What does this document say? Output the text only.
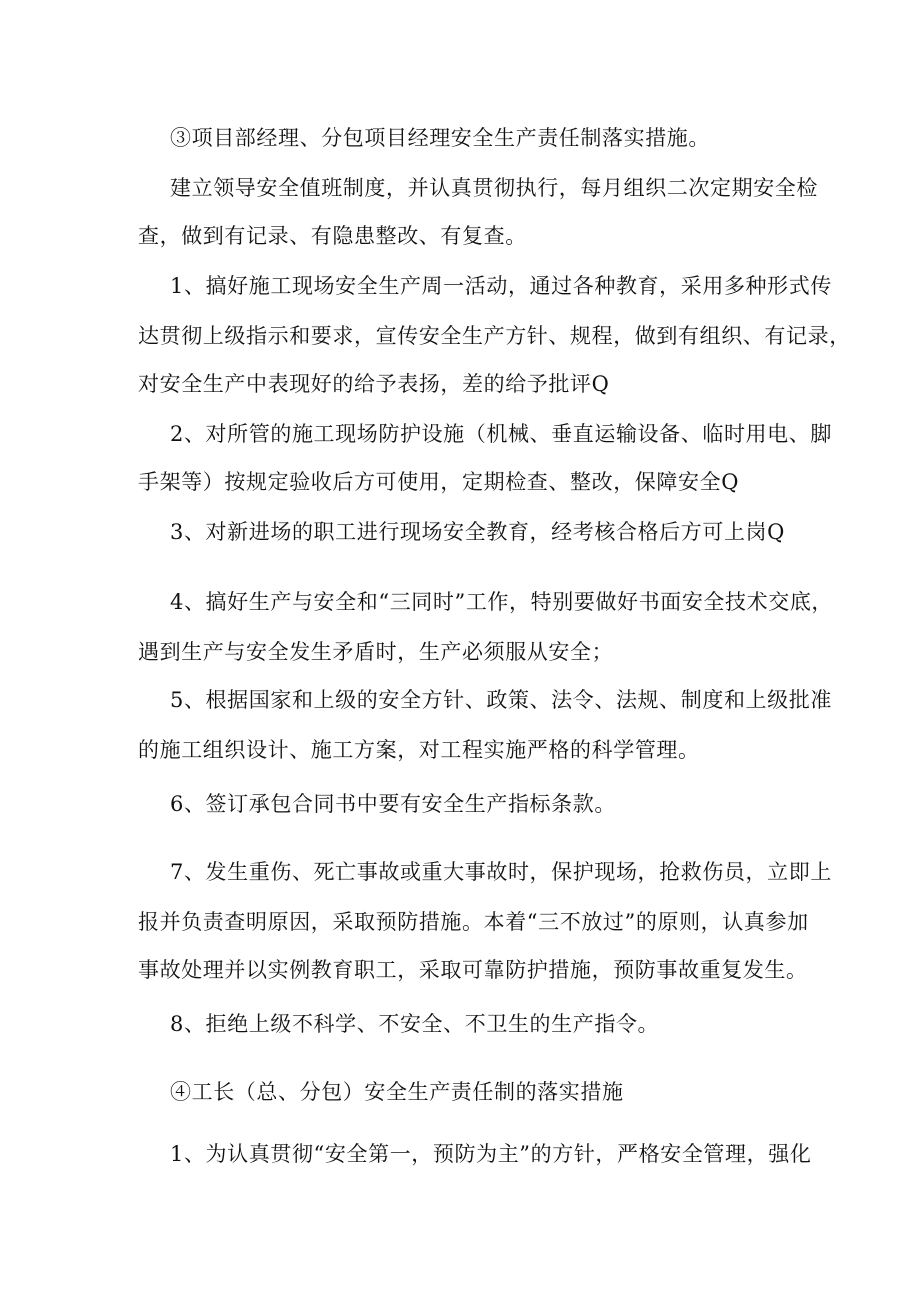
③项目部经理、分包项目经理安全生产责任制落实措施。
建立领导安全值班制度，并认真贯彻执行，每月组织二次定期安全检
查，做到有记录、有隐患整改、有复查。
1、搞好施工现场安全生产周一活动，通过各种教育，采用多种形式传
达贯彻上级指示和要求，宣传安全生产方针、规程，做到有组织、有记录，
对安全生产中表现好的给予表扬，差的给予批评Q
2、对所管的施工现场防护设施（机械、垂直运输设备、临时用电、脚
手架等）按规定验收后方可使用，定期检查、整改，保障安全Q
3、对新进场的职工进行现场安全教育，经考核合格后方可上岗Q
4、搞好生产与安全和“三同时”工作，特别要做好书面安全技术交底，
遇到生产与安全发生矛盾时，生产必须服从安全；
5、根据国家和上级的安全方针、政策、法令、法规、制度和上级批准
的施工组织设计、施工方案，对工程实施严格的科学管理。
6、签订承包合同书中要有安全生产指标条款。
7、发生重伤、死亡事故或重大事故时，保护现场，抢救伤员，立即上
报并负责查明原因，采取预防措施。本着“三不放过”的原则，认真参加
事故处理并以实例教育职工，采取可靠防护措施，预防事故重复发生。
8、拒绝上级不科学、不安全、不卫生的生产指令。
④工长（总、分包）安全生产责任制的落实措施
1、为认真贯彻“安全第一，预防为主”的方针，严格安全管理，强化
